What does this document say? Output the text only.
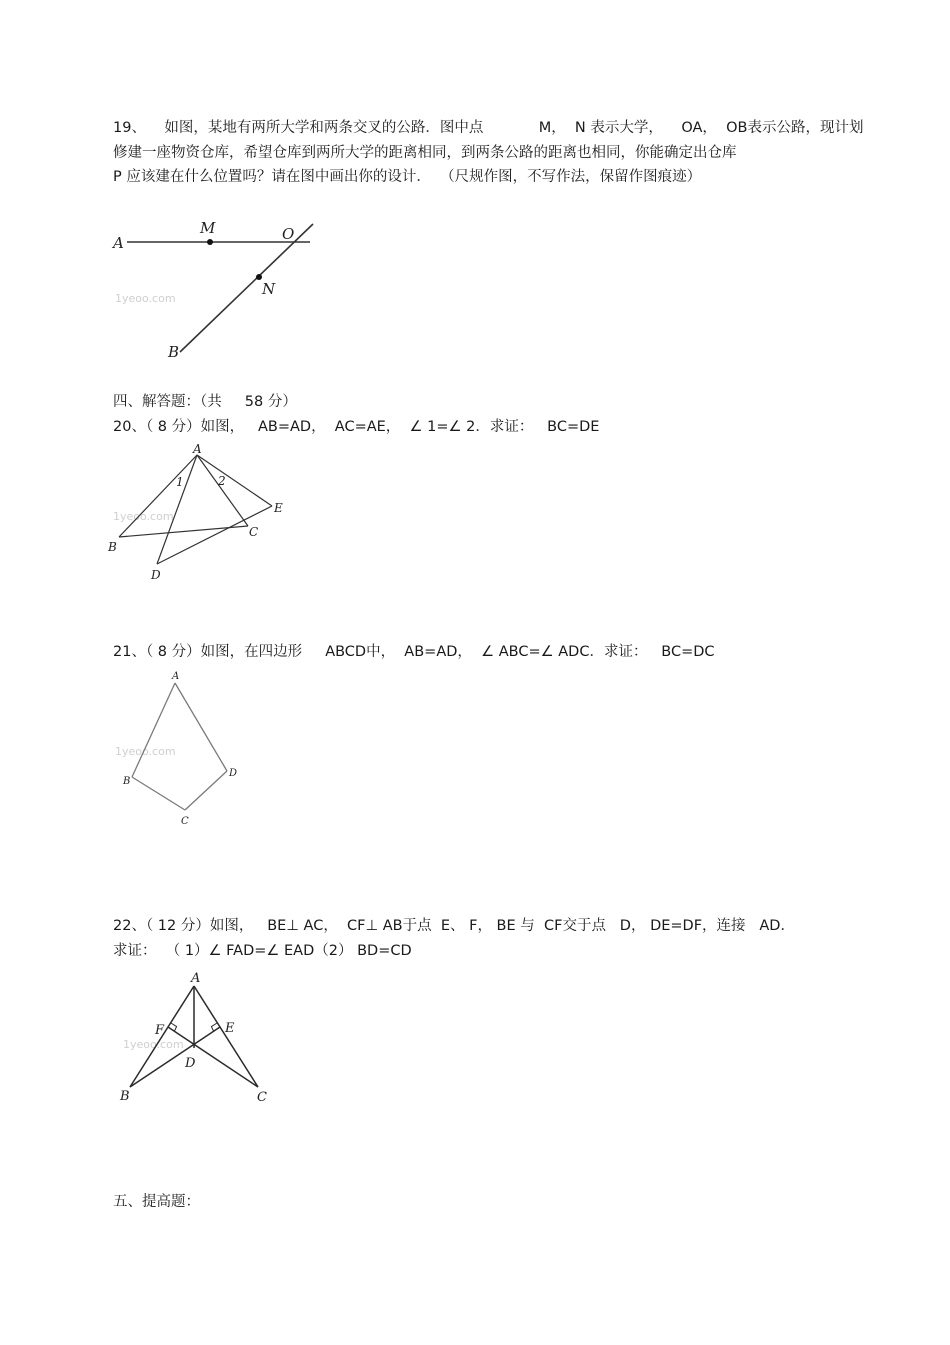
19、    如图，某地有两所大学和两条交叉的公路．图中点            M，  N 表示大学，    OA，  OB表示公路，现计划
修建一座物资仓库，希望仓库到两所大学的距离相同，到两条公路的距离也相同，你能确定出仓库
P 应该建在什么位置吗？请在图中画出你的设计．  （尺规作图，不写作法，保留作图痕迹）
1yeoo.com
A
M	O
N
B
四、解答题：（共     58 分）
20、（ 8 分）如图，   AB=AD，  AC=AE，  ∠ 1=∠ 2．求证：   BC=DE
1yeoo.com
A
B
C
D
E
1	2
21、（ 8 分）如图，在四边形     ABCD中，  AB=AD，  ∠ ABC=∠ ADC．求证：   BC=DC
1yeoo.com
A
B
C
D
22、（ 12 分）如图，   BE⊥ AC，  CF⊥ AB于点  E、 F， BE 与  CF交于点   D， DE=DF，连接   AD．
求证：  （ 1）∠ FAD=∠ EAD（2） BD=CD
1yeoo.com
A
F	E
D
B	C
五、提高题：
